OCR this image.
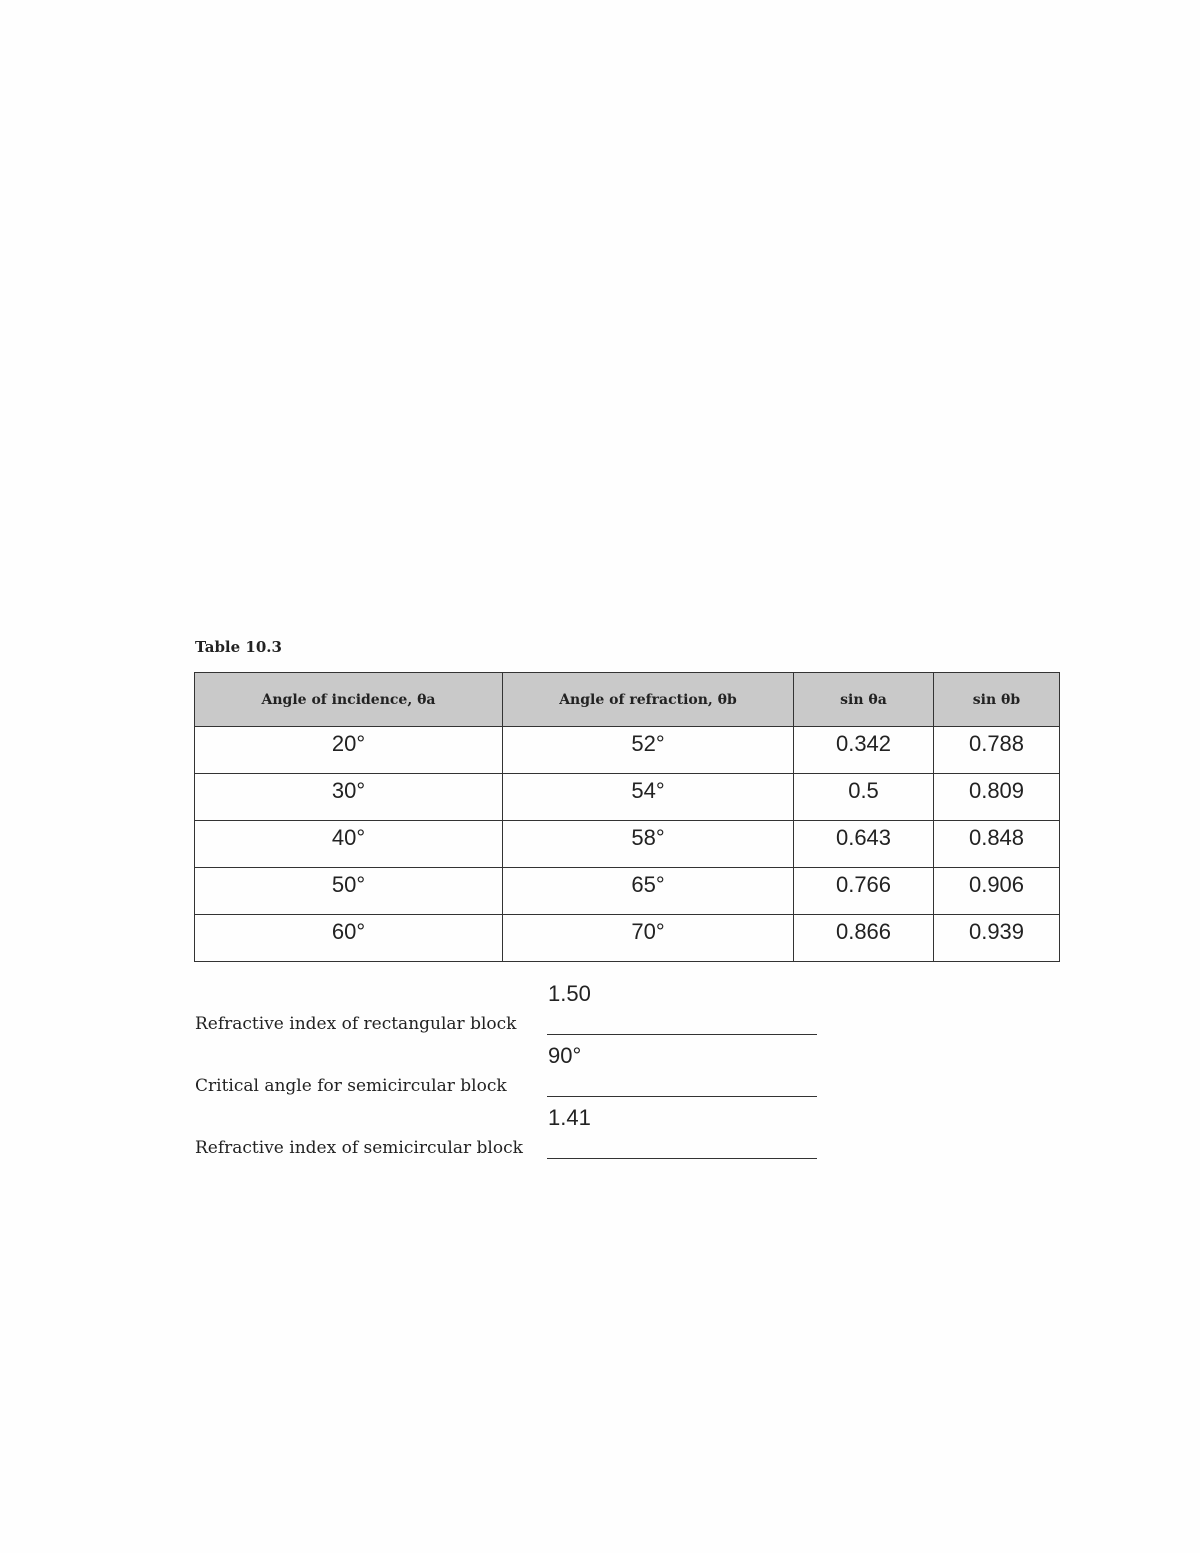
Table 10.3
Angle of incidence, θa	Angle of refraction, θb	sin θa	sin θb
20°	52°	0.342	0.788
30°	54°	0.5	0.809
40°	58°	0.643	0.848
50°	65°	0.766	0.906
60°	70°	0.866	0.939
1.50
Refractive index of rectangular block
90°
Critical angle for semicircular block
1.41
Refractive index of semicircular block
